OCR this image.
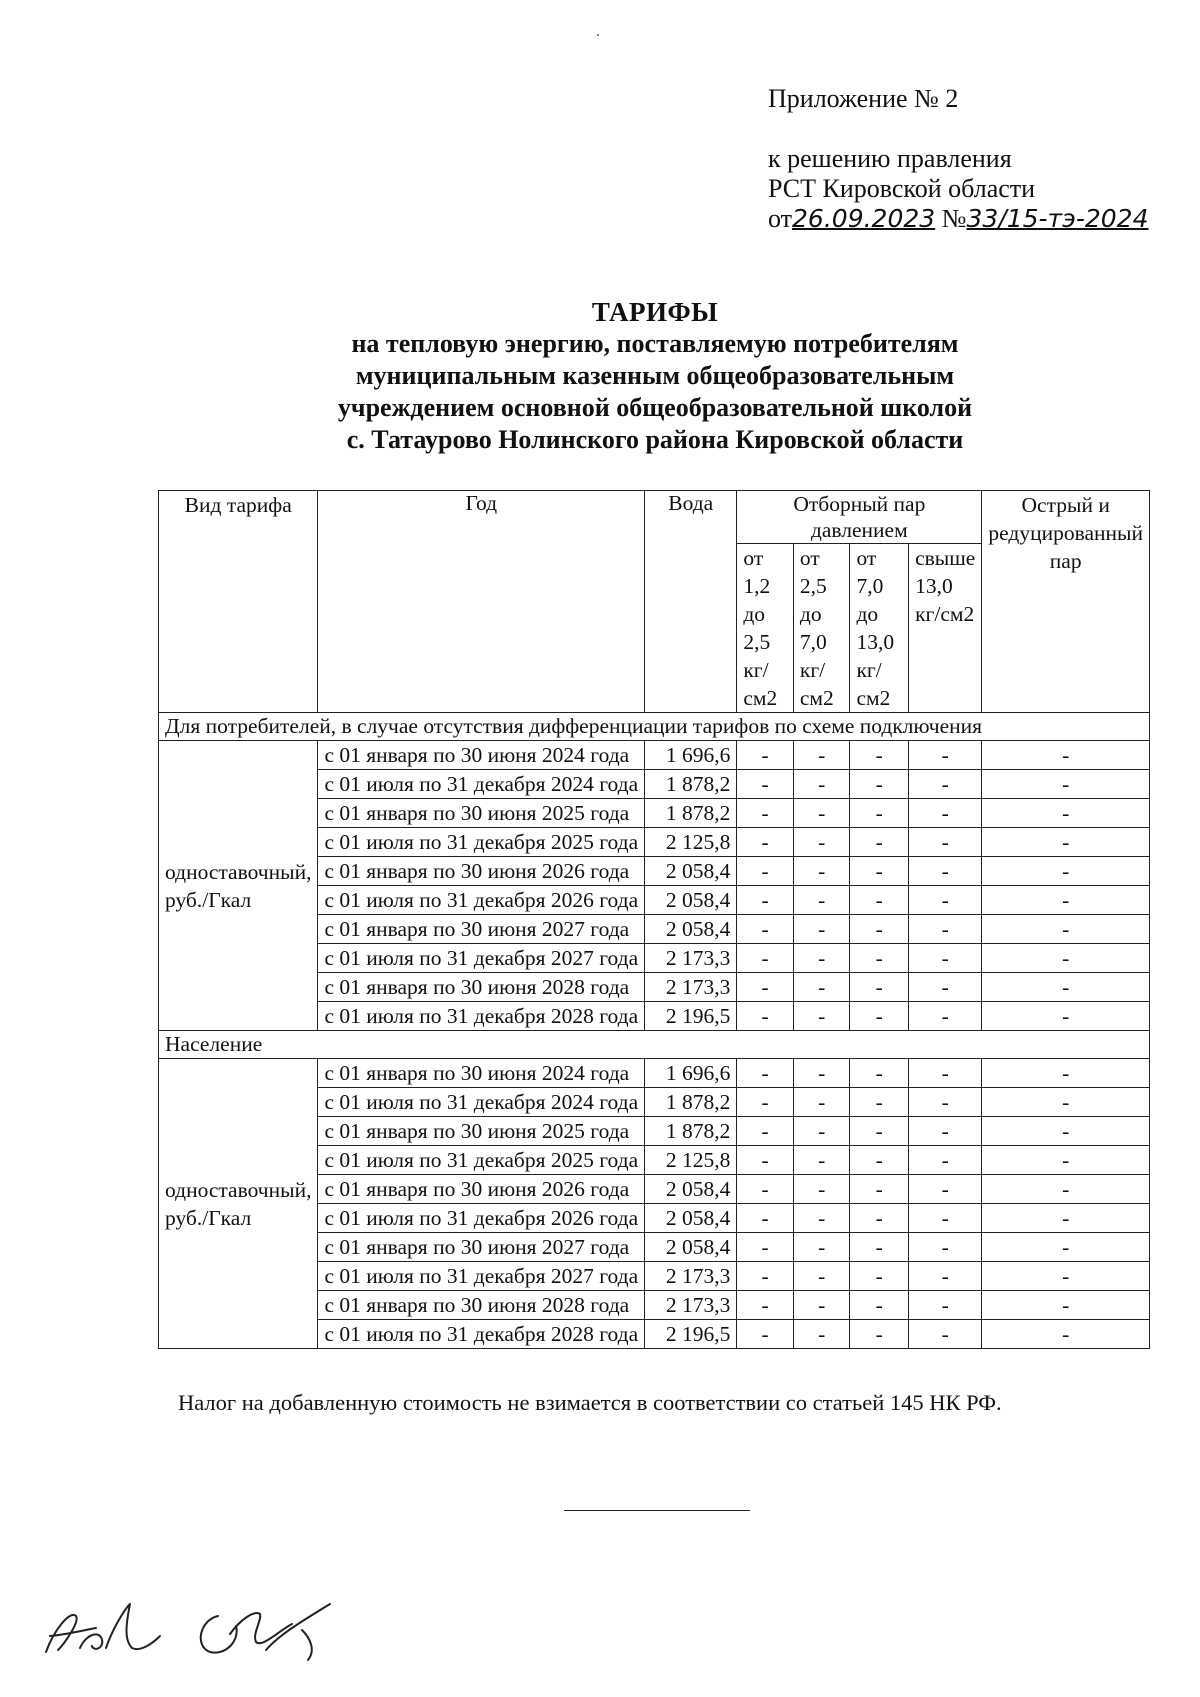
Приложение № 2
к решению правления
РСТ Кировской области
от26.09.2023 №33/15-тэ-2024
ТАРИФЫ
на тепловую энергию, поставляемую потребителям
муниципальным казенным общеобразовательным
учреждением основной общеобразовательной школой
с. Татаурово Нолинского района Кировской области
Вид тарифа	Год	Вода	Отборный пар давлением				Острый и редуцированный пар
			от 1,2 до 2,5 кг/см2	от 2,5 до 7,0 кг/см2	от 7,0 до 13,0 кг/см2	свыше 13,0 кг/см2	
Для потребителей, в случае отсутствия дифференциации тарифов по схеме подключения							
одноставочный, руб./Гкал	с 01 января по 30 июня 2024 года	1 696,6	-	-	-	-	-
	с 01 июля по 31 декабря 2024 года	1 878,2	-	-	-	-	-
	с 01 января по 30 июня 2025 года	1 878,2	-	-	-	-	-
	с 01 июля по 31 декабря 2025 года	2 125,8	-	-	-	-	-
	с 01 января по 30 июня 2026 года	2 058,4	-	-	-	-	-
	с 01 июля по 31 декабря 2026 года	2 058,4	-	-	-	-	-
	с 01 января по 30 июня 2027 года	2 058,4	-	-	-	-	-
	с 01 июля по 31 декабря 2027 года	2 173,3	-	-	-	-	-
	с 01 января по 30 июня 2028 года	2 173,3	-	-	-	-	-
	с 01 июля по 31 декабря 2028 года	2 196,5	-	-	-	-	-
Население							
одноставочный, руб./Гкал	с 01 января по 30 июня 2024 года	1 696,6	-	-	-	-	-
	с 01 июля по 31 декабря 2024 года	1 878,2	-	-	-	-	-
	с 01 января по 30 июня 2025 года	1 878,2	-	-	-	-	-
	с 01 июля по 31 декабря 2025 года	2 125,8	-	-	-	-	-
	с 01 января по 30 июня 2026 года	2 058,4	-	-	-	-	-
	с 01 июля по 31 декабря 2026 года	2 058,4	-	-	-	-	-
	с 01 января по 30 июня 2027 года	2 058,4	-	-	-	-	-
	с 01 июля по 31 декабря 2027 года	2 173,3	-	-	-	-	-
	с 01 января по 30 июня 2028 года	2 173,3	-	-	-	-	-
	с 01 июля по 31 декабря 2028 года	2 196,5	-	-	-	-	-
Налог на добавленную стоимость не взимается в соответствии со статьей 145 НК РФ.
